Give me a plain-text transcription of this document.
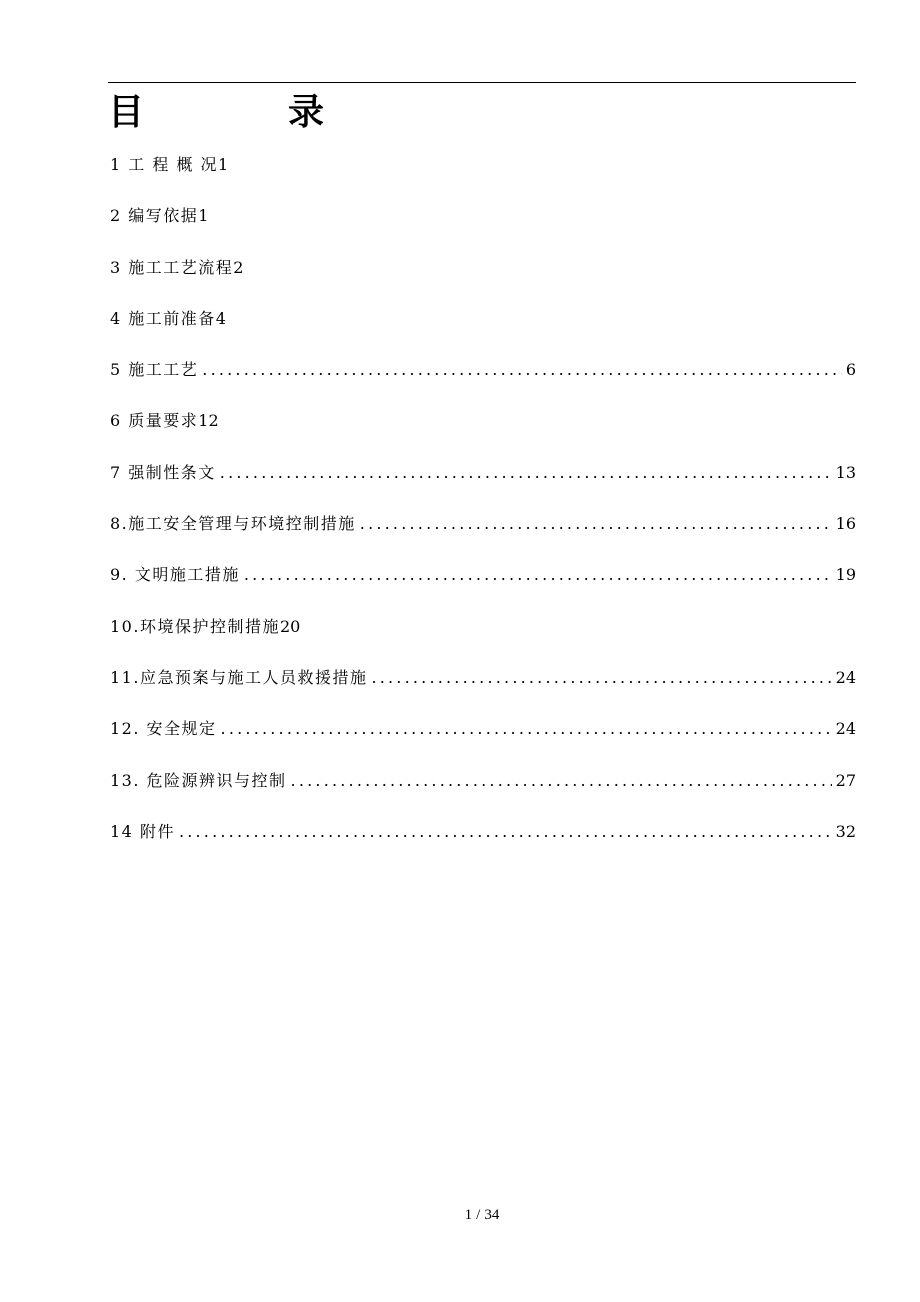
目　录
1 工 程 概 况 1
2 编写依据 1
3 施工工艺流程 2
4 施工前准备 4
5 施工工艺 .....	6
6 质量要求 12
7 强制性条文 .....	13
8.施工安全管理与环境控制措施 .....	16
9. 文明施工措施 .....	19
10.环境保护控制措施 20
11.应急预案与施工人员救援措施 .....	24
12. 安全规定 .....	24
13. 危险源辨识与控制 .....	27
14 附件 .....	32
1 / 34
